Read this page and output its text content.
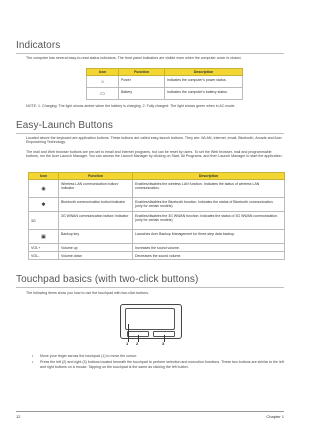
Indicators
The computer has several easy-to-read status indicators. The front panel indicators are visible even when the computer cover is closed.
Icon	Function	Description
☼	Power	Indicates the computer's power status.
▭	Battery	Indicates the computer's battery status.
NOTE: 1. Charging: The light shows amber when the battery is charging. 2. Fully charged: The light shows green when in AC mode.
Easy-Launch Buttons
Located above the keyboard are application buttons. These buttons are called easy-launch buttons. They are: WLAN, Internet, email, Bluetooth, Arcade and Acer Empowering Technology.
The mail and Web browser buttons are pre-set to email and Internet programs, but can be reset by users. To set the Web browser, mail and programmable buttons, run the Acer Launch Manager. You can access the Launch Manager by clicking on Start, All Programs, and then Launch Manager to start the application.
Icon	Function	Description
◉	Wireless LAN communication button/ indicator	Enables/disables the wireless LAN function. Indicates the status of wireless LAN communication.
✱	Bluetooth communication button/indicator	Enables/disables the Bluetooth function. Indicates the status of Bluetooth communication. (only for certain models)
3G	3G WWAN communication button/ indicator	Enables/disables the 3G WWAN function. Indicates the status of 3G WWAN communication. (only for certain models)
▣	Backup key	Launches Acer Backup Management for three-step data backup.
VOL+	Volume up	Increases the sound volume.
VOL-	Volume down	Decreases the sound volume.
Touchpad basics (with two-click buttons)
The following items show you how to use the touchpad with two-click buttons.
1 2	3
• Move your finger across the touchpad (1) to move the cursor.
• Press the left (2) and right (3) buttons located beneath the touchpad to perform selection and execution functions. These two buttons are similar to the left and right buttons on a mouse. Tapping on the touchpad is the same as clicking the left button.
12	Chapter 1
